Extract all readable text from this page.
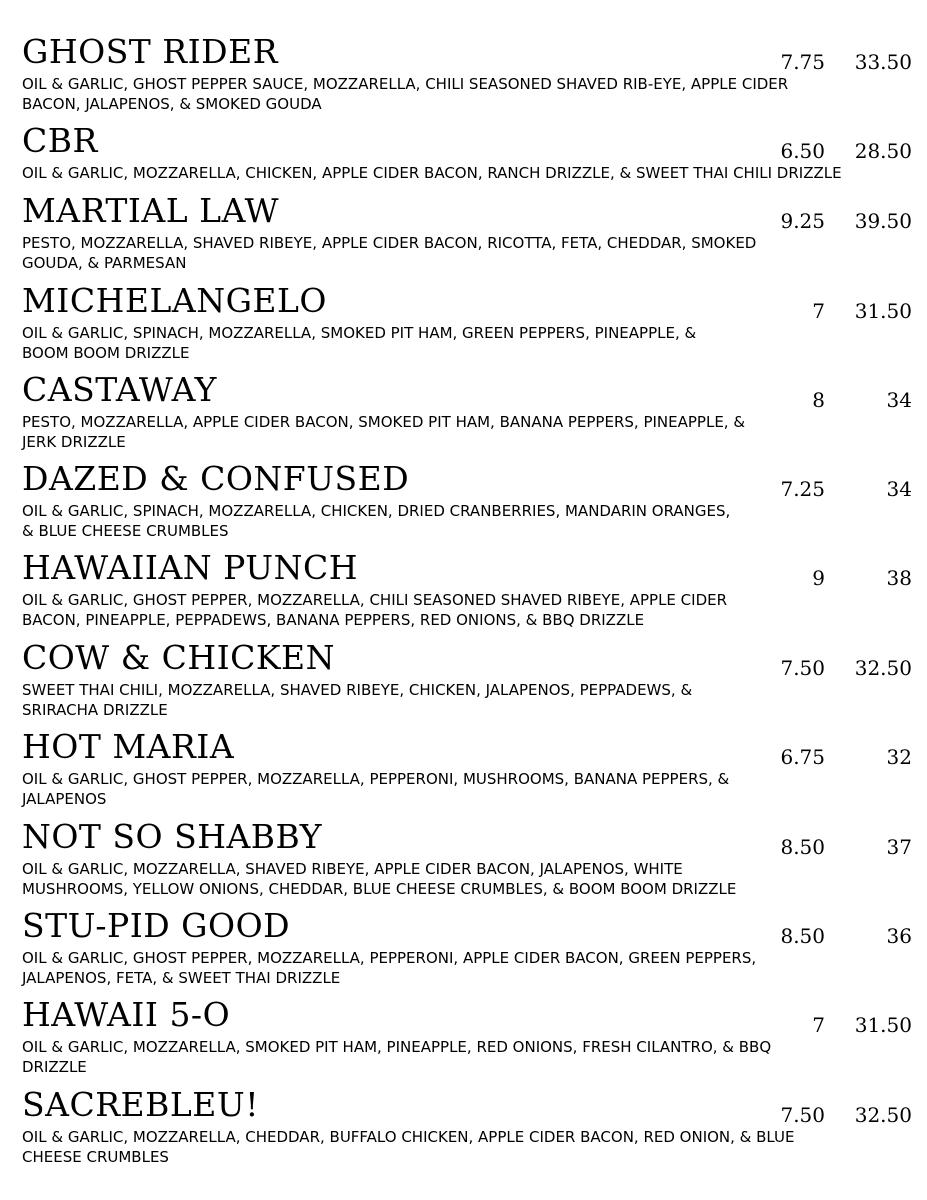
GHOST RIDER	7.75	33.50
OIL & GARLIC, GHOST PEPPER SAUCE, MOZZARELLA, CHILI SEASONED SHAVED RIB-EYE, APPLE CIDER
BACON, JALAPENOS, & SMOKED GOUDA
CBR	6.50	28.50
OIL & GARLIC, MOZZARELLA, CHICKEN, APPLE CIDER BACON, RANCH DRIZZLE, & SWEET THAI CHILI DRIZZLE
MARTIAL LAW	9.25	39.50
PESTO, MOZZARELLA, SHAVED RIBEYE, APPLE CIDER BACON, RICOTTA, FETA, CHEDDAR, SMOKED
GOUDA, & PARMESAN
MICHELANGELO	7	31.50
OIL & GARLIC, SPINACH, MOZZARELLA, SMOKED PIT HAM, GREEN PEPPERS, PINEAPPLE, &
BOOM BOOM DRIZZLE
CASTAWAY	8	34
PESTO, MOZZARELLA, APPLE CIDER BACON, SMOKED PIT HAM, BANANA PEPPERS, PINEAPPLE, &
JERK DRIZZLE
DAZED & CONFUSED	7.25	34
OIL & GARLIC, SPINACH, MOZZARELLA, CHICKEN, DRIED CRANBERRIES, MANDARIN ORANGES,
& BLUE CHEESE CRUMBLES
HAWAIIAN PUNCH	9	38
OIL & GARLIC, GHOST PEPPER, MOZZARELLA, CHILI SEASONED SHAVED RIBEYE, APPLE CIDER
BACON, PINEAPPLE, PEPPADEWS, BANANA PEPPERS, RED ONIONS, & BBQ DRIZZLE
COW & CHICKEN	7.50	32.50
SWEET THAI CHILI, MOZZARELLA, SHAVED RIBEYE, CHICKEN, JALAPENOS, PEPPADEWS, &
SRIRACHA DRIZZLE
HOT MARIA	6.75	32
OIL & GARLIC, GHOST PEPPER, MOZZARELLA, PEPPERONI, MUSHROOMS, BANANA PEPPERS, &
JALAPENOS
NOT SO SHABBY	8.50	37
OIL & GARLIC, MOZZARELLA, SHAVED RIBEYE, APPLE CIDER BACON, JALAPENOS, WHITE
MUSHROOMS, YELLOW ONIONS, CHEDDAR, BLUE CHEESE CRUMBLES, & BOOM BOOM DRIZZLE
STU-PID GOOD	8.50	36
OIL & GARLIC, GHOST PEPPER, MOZZARELLA, PEPPERONI, APPLE CIDER BACON, GREEN PEPPERS,
JALAPENOS, FETA, & SWEET THAI DRIZZLE
HAWAII 5-O	7	31.50
OIL & GARLIC, MOZZARELLA, SMOKED PIT HAM, PINEAPPLE, RED ONIONS, FRESH CILANTRO, & BBQ
DRIZZLE
SACREBLEU!	7.50	32.50
OIL & GARLIC, MOZZARELLA, CHEDDAR, BUFFALO CHICKEN, APPLE CIDER BACON, RED ONION, & BLUE
CHEESE CRUMBLES
